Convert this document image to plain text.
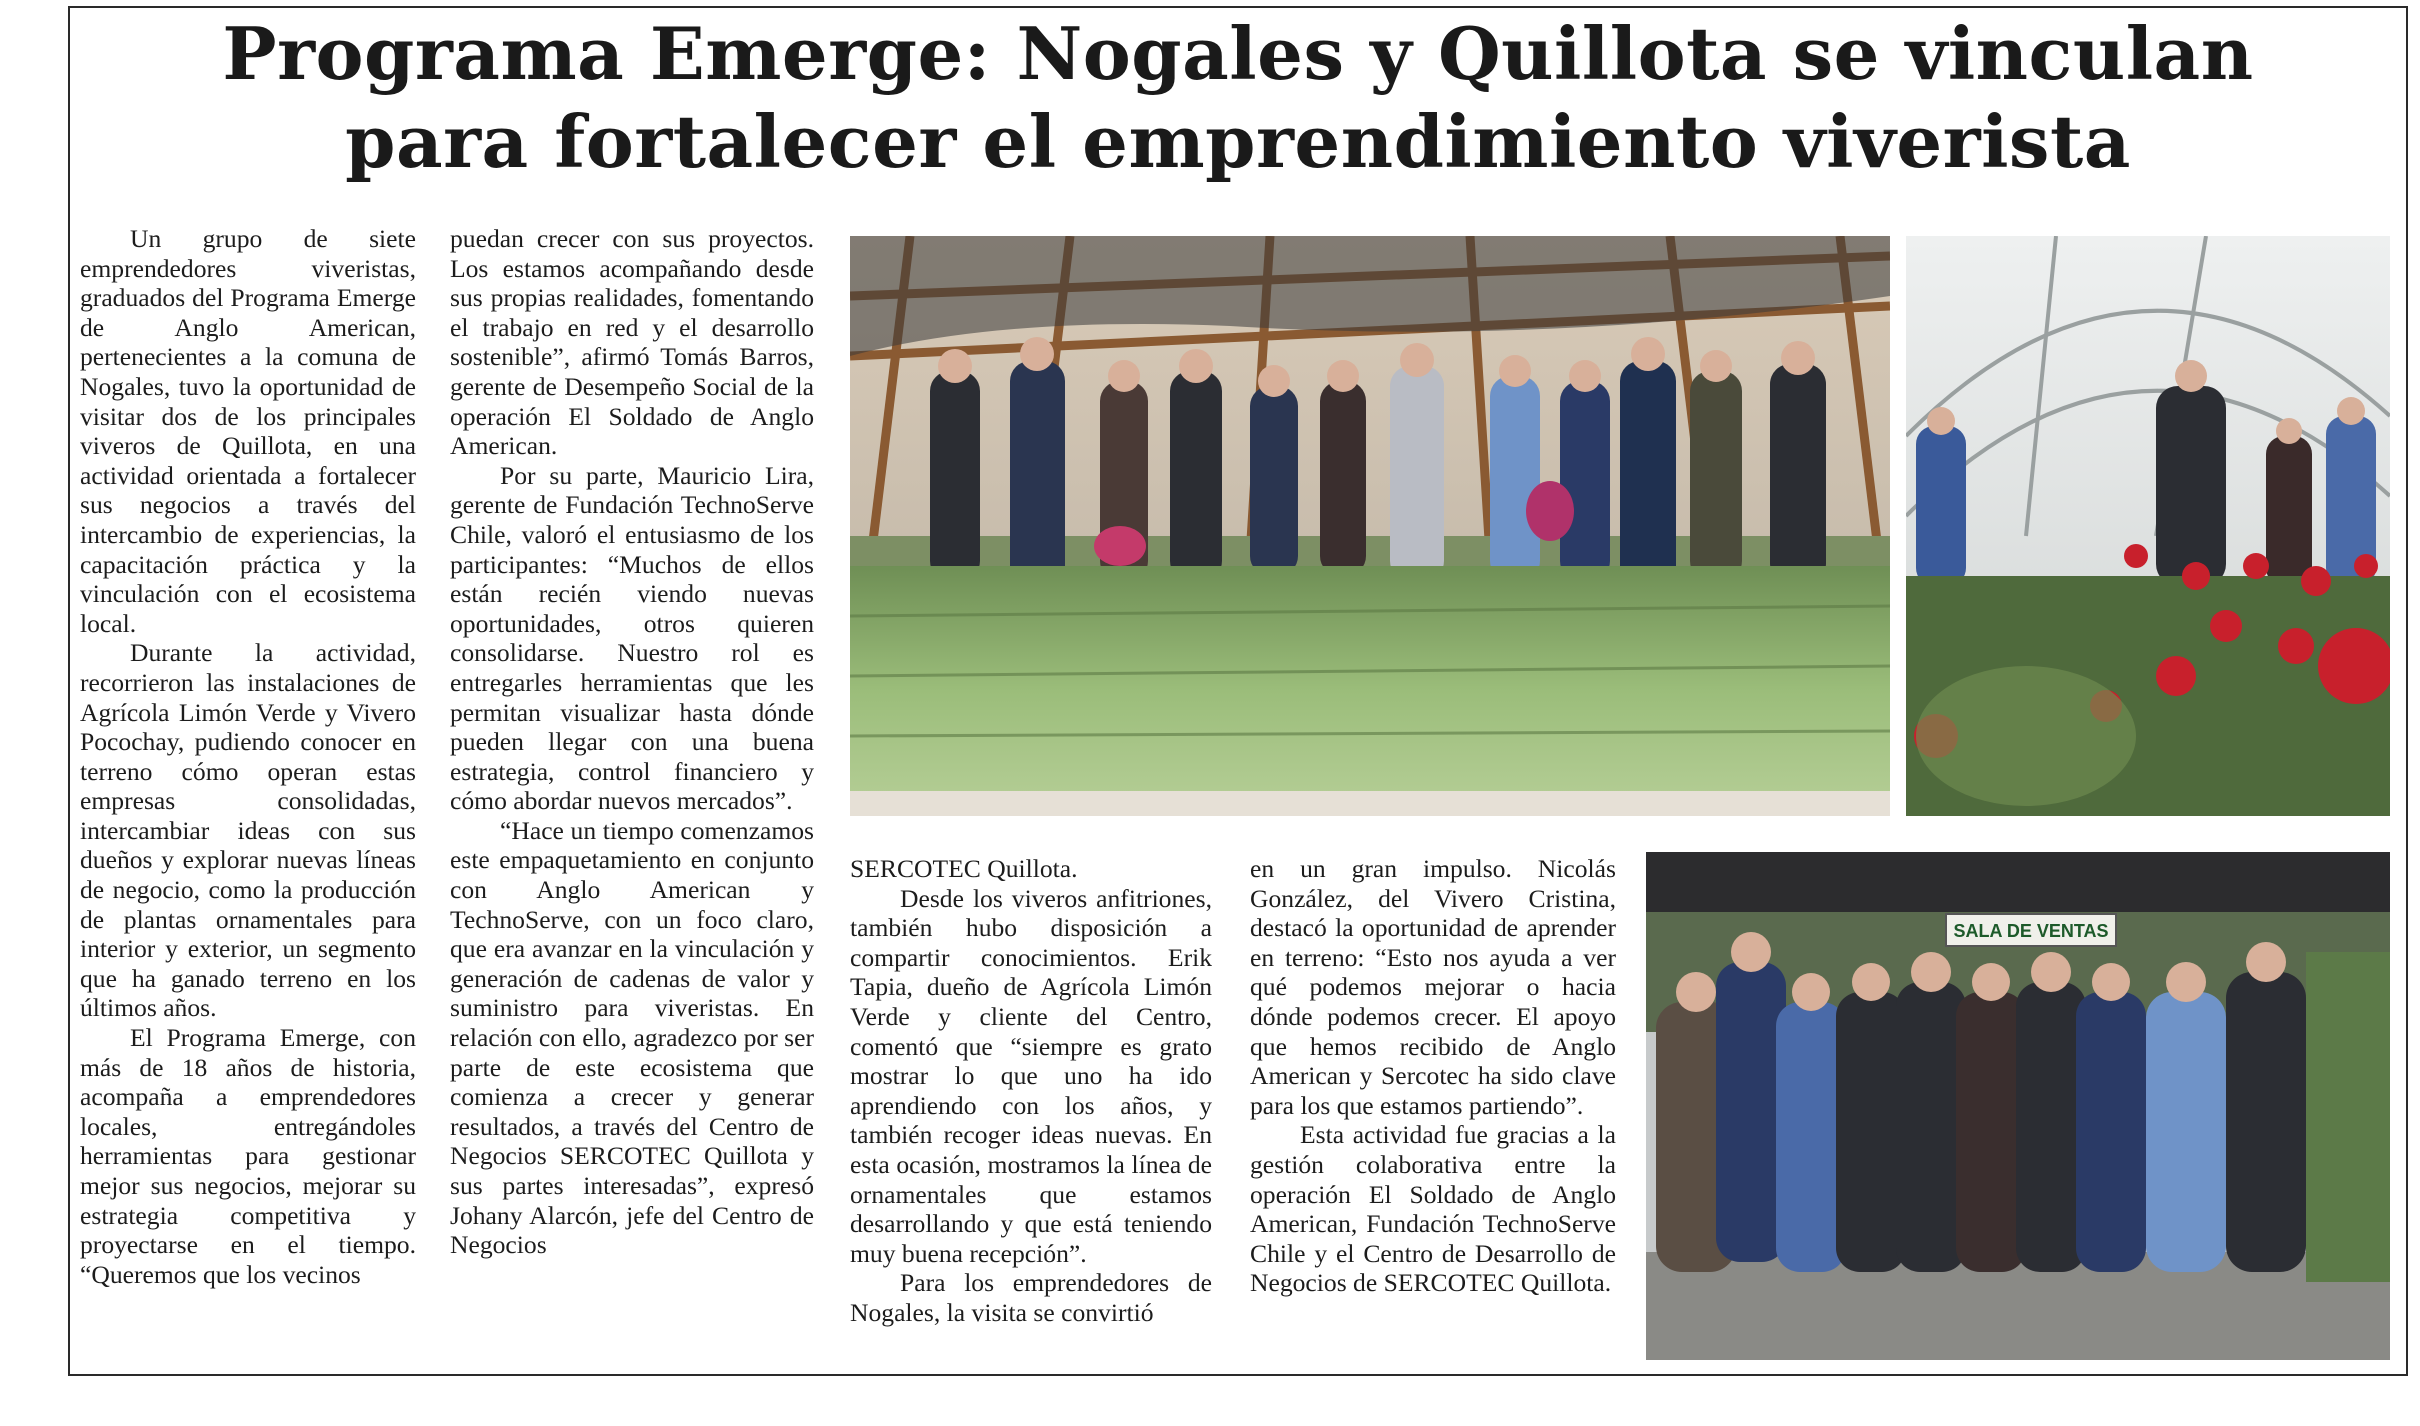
Programa Emerge: Nogales y Quillota se vinculan
para fortalecer el emprendimiento viverista

Un grupo de siete emprendedores viveristas, graduados del Programa Emerge de Anglo American, pertenecientes a la comuna de Nogales, tuvo la oportunidad de visitar dos de los principales viveros de Quillota, en una actividad orientada a fortalecer sus negocios a través del intercambio de experiencias, la capacitación práctica y la vinculación con el ecosistema local.

Durante la actividad, recorrieron las instalaciones de Agrícola Limón Verde y Vivero Pocochay, pudiendo conocer en terreno cómo operan estas empresas consolidadas, intercambiar ideas con sus dueños y explorar nuevas líneas de negocio, como la producción de plantas ornamentales para interior y exterior, un segmento que ha ganado terreno en los últimos años.

El Programa Emerge, con más de 18 años de historia, acompaña a emprendedores locales, entregándoles herramientas para gestionar mejor sus negocios, mejorar su estrategia competitiva y proyectarse en el tiempo. “Queremos que los vecinos

puedan crecer con sus proyectos. Los estamos acompañando desde sus propias realidades, fomentando el trabajo en red y el desarrollo sostenible”, afirmó Tomás Barros, gerente de Desempeño Social de la operación El Soldado de Anglo American.

Por su parte, Mauricio Lira, gerente de Fundación TechnoServe Chile, valoró el entusiasmo de los participantes: “Muchos de ellos están recién viendo nuevas oportunidades, otros quieren consolidarse. Nuestro rol es entregarles herramientas que les permitan visualizar hasta dónde pueden llegar con una buena estrategia, control financiero y cómo abordar nuevos mercados”.

“Hace un tiempo comenzamos este empaquetamiento en conjunto con Anglo American y TechnoServe, con un foco claro, que era avanzar en la vinculación y generación de cadenas de valor y suministro para viveristas. En relación con ello, agradezco por ser parte de este ecosistema que comienza a crecer y generar resultados, a través del Centro de Negocios SERCOTEC Quillota y sus partes interesadas”, expresó Johany Alarcón, jefe del Centro de Negocios

SERCOTEC Quillota.

Desde los viveros anfitriones, también hubo disposición a compartir conocimientos. Erik Tapia, dueño de Agrícola Limón Verde y cliente del Centro, comentó que “siempre es grato mostrar lo que uno ha ido aprendiendo con los años, y también recoger ideas nuevas. En esta ocasión, mostramos la línea de ornamentales que estamos desarrollando y que está teniendo muy buena recepción”.

Para los emprendedores de Nogales, la visita se convirtió

en un gran impulso. Nicolás González, del Vivero Cristina, destacó la oportunidad de aprender en terreno: “Esto nos ayuda a ver qué podemos mejorar o hacia dónde podemos crecer. El apoyo que hemos recibido de Anglo American y Sercotec ha sido clave para los que estamos partiendo”.

Esta actividad fue gracias a la gestión colaborativa entre la operación El Soldado de Anglo American, Fundación TechnoServe Chile y el Centro de Desarrollo de Negocios de SERCOTEC Quillota.

SALA DE VENTAS
